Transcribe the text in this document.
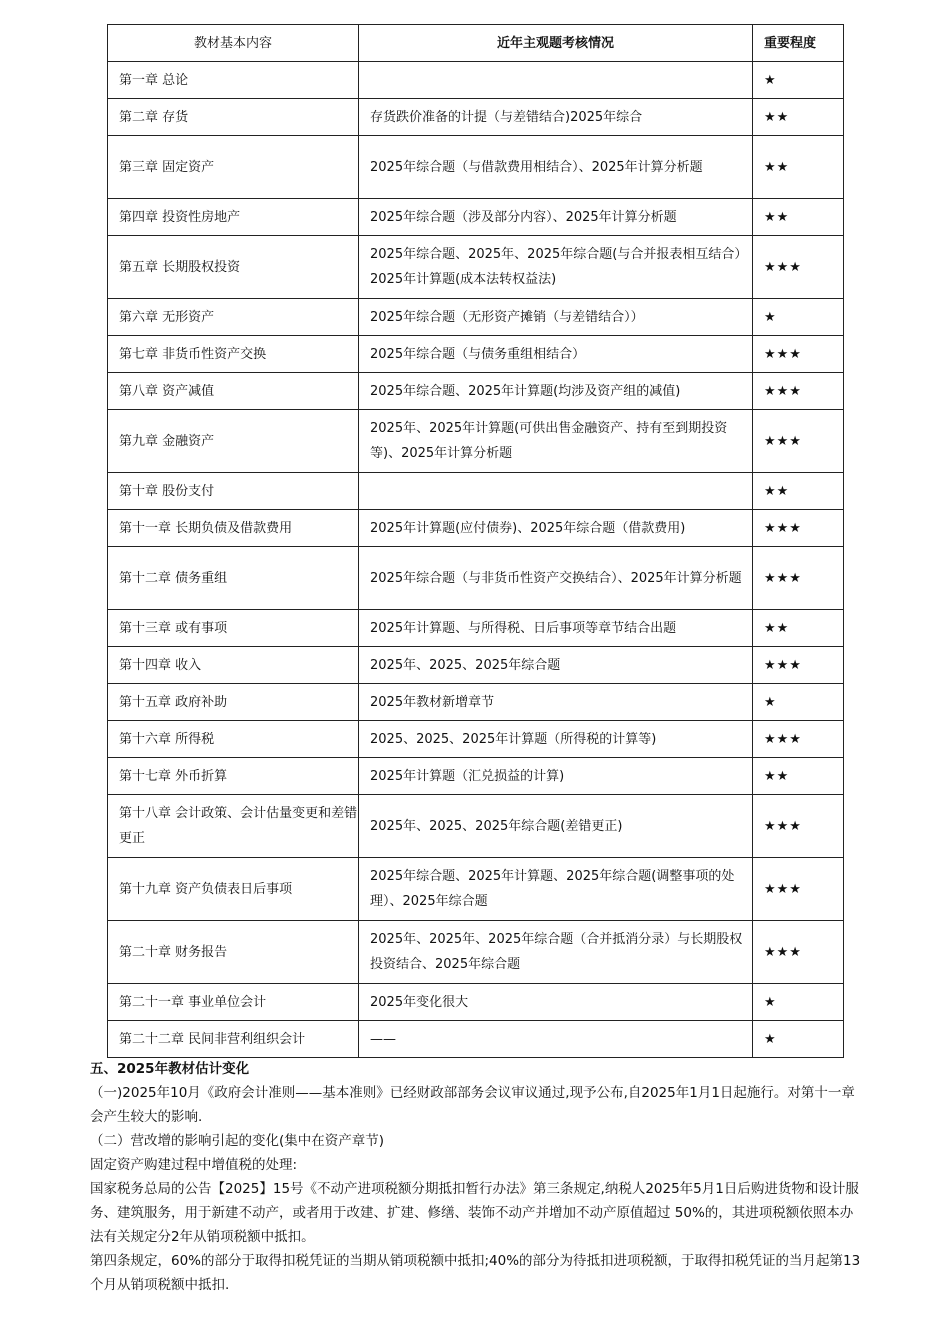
教材基本内容	近年主观题考核情况	重要程度
第一章 总论		★
第二章 存货	存货跌价准备的计提（与差错结合)2025年综合	★★
第三章 固定资产	2025年综合题（与借款费用相结合）、2025年计算分析题	★★
第四章 投资性房地产	2025年综合题（涉及部分内容）、2025年计算分析题	★★
第五章 长期股权投资	2025年综合题、2025年、2025年综合题(与合并报表相互结合）2025年计算题(成本法转权益法)	★★★
第六章 无形资产	2025年综合题（无形资产摊销（与差错结合））	★
第七章 非货币性资产交换	2025年综合题（与债务重组相结合）	★★★
第八章 资产减值	2025年综合题、2025年计算题(均涉及资产组的减值)	★★★
第九章 金融资产	2025年、2025年计算题(可供出售金融资产、持有至到期投资等)、2025年计算分析题	★★★
第十章 股份支付		★★
第十一章 长期负债及借款费用	2025年计算题(应付债券)、2025年综合题（借款费用)	★★★
第十二章 债务重组	2025年综合题（与非货币性资产交换结合）、2025年计算分析题	★★★
第十三章 或有事项	2025年计算题、与所得税、日后事项等章节结合出题	★★
第十四章 收入	2025年、2025、2025年综合题	★★★
第十五章 政府补助	2025年教材新增章节	★
第十六章 所得税	2025、2025、2025年计算题（所得税的计算等)	★★★
第十七章 外币折算	2025年计算题（汇兑损益的计算)	★★
第十八章 会计政策、会计估量变更和差错更正	2025年、2025、2025年综合题(差错更正)	★★★
第十九章 资产负债表日后事项	2025年综合题、2025年计算题、2025年综合题(调整事项的处理）、2025年综合题	★★★
第二十章 财务报告	2025年、2025年、2025年综合题（合并抵消分录）与长期股权投资结合、2025年综合题	★★★
第二十一章 事业单位会计	2025年变化很大	★
第二十二章 民间非营利组织会计	——	★
五、2025年教材估计变化

（一)2025年10月《政府会计准则——基本准则》已经财政部部务会议审议通过,现予公布,自2025年1月1日起施行。对第十一章会产生较大的影响.

（二）营改增的影响引起的变化(集中在资产章节)

固定资产购建过程中增值税的处理:

国家税务总局的公告【2025】15号《不动产进项税额分期抵扣暂行办法》第三条规定,纳税人2025年5月1日后购进货物和设计服务、建筑服务，用于新建不动产，或者用于改建、扩建、修缮、装饰不动产并增加不动产原值超过 50%的，其进项税额依照本办法有关规定分2年从销项税额中抵扣。

第四条规定，60%的部分于取得扣税凭证的当期从销项税额中抵扣;40%的部分为待抵扣进项税额，于取得扣税凭证的当月起第13个月从销项税额中抵扣.
